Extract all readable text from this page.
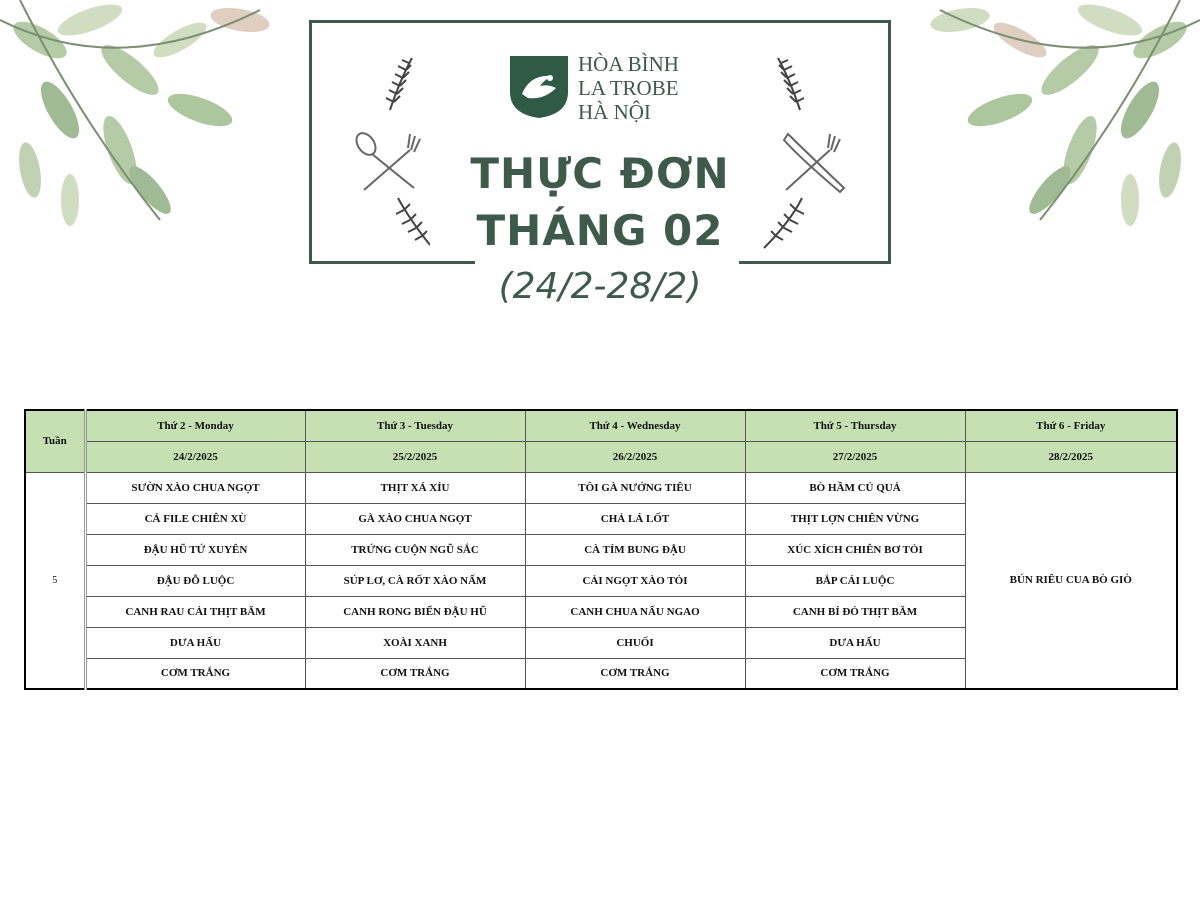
HÒA BÌNH
LA TROBE
HÀ NỘI
THỰC ĐƠN
THÁNG 02
(24/2-28/2)
Tuần	Thứ 2 - Monday	Thứ 3 - Tuesday	Thứ 4 - Wednesday	Thứ 5 - Thursday	Thứ 6 - Friday
	24/2/2025	25/2/2025	26/2/2025	27/2/2025	28/2/2025
5	SƯỜN XÀO CHUA NGỌT	THỊT XÁ XÍU	TÔI GÀ NƯỚNG TIÊU	BÒ HẦM CỦ QUẢ	BÚN RIÊU CUA BÒ GIÒ
	CÁ FILE CHIÊN XÙ	GÀ XÀO CHUA NGỌT	CHẢ LÁ LỐT	THỊT LỢN CHIÊN VỪNG	
	ĐẬU HŨ TỨ XUYÊN	TRỨNG CUỘN NGŨ SẮC	CÀ TÍM BUNG ĐẬU	XÚC XÍCH CHIÊN BƠ TỎI	
	ĐẬU ĐỖ LUỘC	SÚP LƠ, CÀ RỐT XÀO NẤM	CẢI NGỌT XÀO TỎI	BẮP CẢI LUỘC	
	CANH RAU CẢI THỊT BĂM	CANH RONG BIỂN ĐẬU HŨ	CANH CHUA NẤU NGAO	CANH BÍ ĐỎ THỊT BĂM	
	DƯA HẤU	XOÀI XANH	CHUỐI	DƯA HẤU	
	CƠM TRẮNG	CƠM TRẮNG	CƠM TRẮNG	CƠM TRẮNG	
